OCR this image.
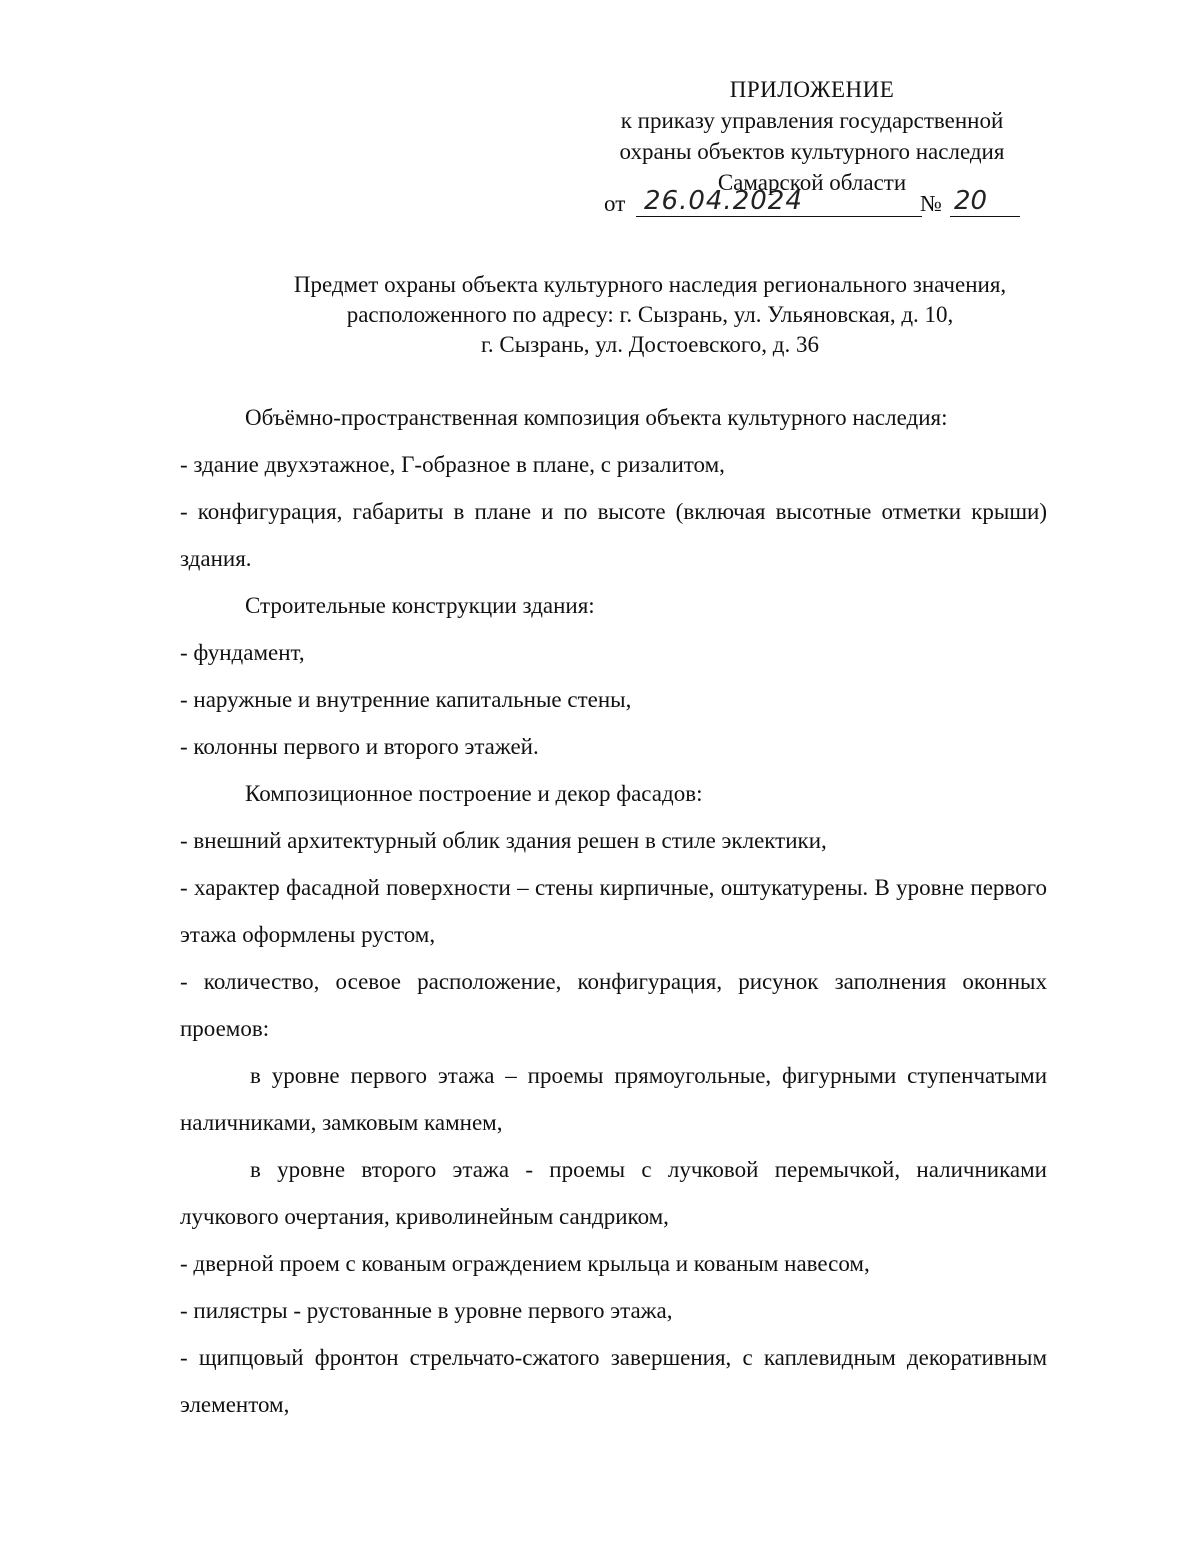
ПРИЛОЖЕНИЕ
к приказу управления государственной
охраны объектов культурного наследия
Самарской области
от 26.04.2024	№ 20
Предмет охраны объекта культурного наследия регионального значения,
расположенного по адресу: г. Сызрань, ул. Ульяновская, д. 10,
г. Сызрань, ул. Достоевского, д. 36

Объёмно-пространственная композиция объекта культурного наследия:

- здание двухэтажное, Г-образное в плане, с ризалитом,

- конфигурация, габариты в плане и по высоте (включая высотные отметки крыши) здания.

Строительные конструкции здания:

- фундамент,

- наружные и внутренние капитальные стены,

- колонны первого и второго этажей.

Композиционное построение и декор фасадов:

- внешний архитектурный облик здания решен в стиле эклектики,

- характер фасадной поверхности – стены кирпичные, оштукатурены. В уровне первого этажа оформлены рустом,

- количество, осевое расположение, конфигурация, рисунок заполнения оконных проемов:

в уровне первого этажа – проемы прямоугольные, фигурными ступенчатыми наличниками, замковым камнем,

в уровне второго этажа - проемы с лучковой перемычкой, наличниками лучкового очертания, криволинейным сандриком,

- дверной проем с кованым ограждением крыльца и кованым навесом,

- пилястры - рустованные в уровне первого этажа,

- щипцовый фронтон стрельчато-сжатого завершения, с каплевидным декоративным элементом,
